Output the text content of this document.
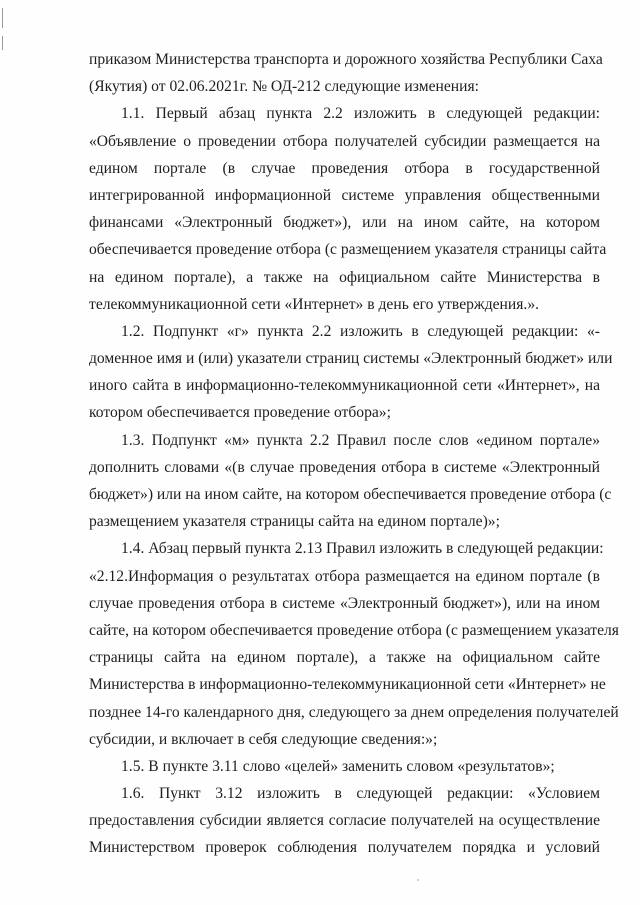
приказом Министерства транспорта и дорожного хозяйства Республики Саха
(Якутия) от 02.06.2021г. № ОД-212 следующие изменения:
1.1. Первый абзац пункта 2.2 изложить в следующей редакции:
«Объявление о проведении отбора получателей субсидии размещается на
едином портале (в случае проведения отбора в государственной
интегрированной информационной системе управления общественными
финансами «Электронный бюджет»), или на ином сайте, на котором
обеспечивается проведение отбора (с размещением указателя страницы сайта
на едином портале), а также на официальном сайте Министерства в
телекоммуникационной сети «Интернет» в день его утверждения.».
1.2. Подпункт «г» пункта 2.2 изложить в следующей редакции: «-
доменное имя и (или) указатели страниц системы «Электронный бюджет» или
иного сайта в информационно-телекоммуникационной сети «Интернет», на
котором обеспечивается проведение отбора»;
1.3. Подпункт «м» пункта 2.2 Правил после слов «едином портале»
дополнить словами «(в случае проведения отбора в системе «Электронный
бюджет») или на ином сайте, на котором обеспечивается проведение отбора (с
размещением указателя страницы сайта на едином портале)»;
1.4. Абзац первый пункта 2.13 Правил изложить в следующей редакции:
«2.12.Информация о результатах отбора размещается на едином портале (в
случае проведения отбора в системе «Электронный бюджет»), или на ином
сайте, на котором обеспечивается проведение отбора (с размещением указателя
страницы сайта на едином портале), а также на официальном сайте
Министерства в информационно-телекоммуникационной сети «Интернет» не
позднее 14-го календарного дня, следующего за днем определения получателей
субсидии, и включает в себя следующие сведения:»;
1.5. В пункте 3.11 слово «целей» заменить словом «результатов»;
1.6. Пункт 3.12 изложить в следующей редакции: «Условием
предоставления субсидии является согласие получателей на осуществление
Министерством проверок соблюдения получателем порядка и условий
